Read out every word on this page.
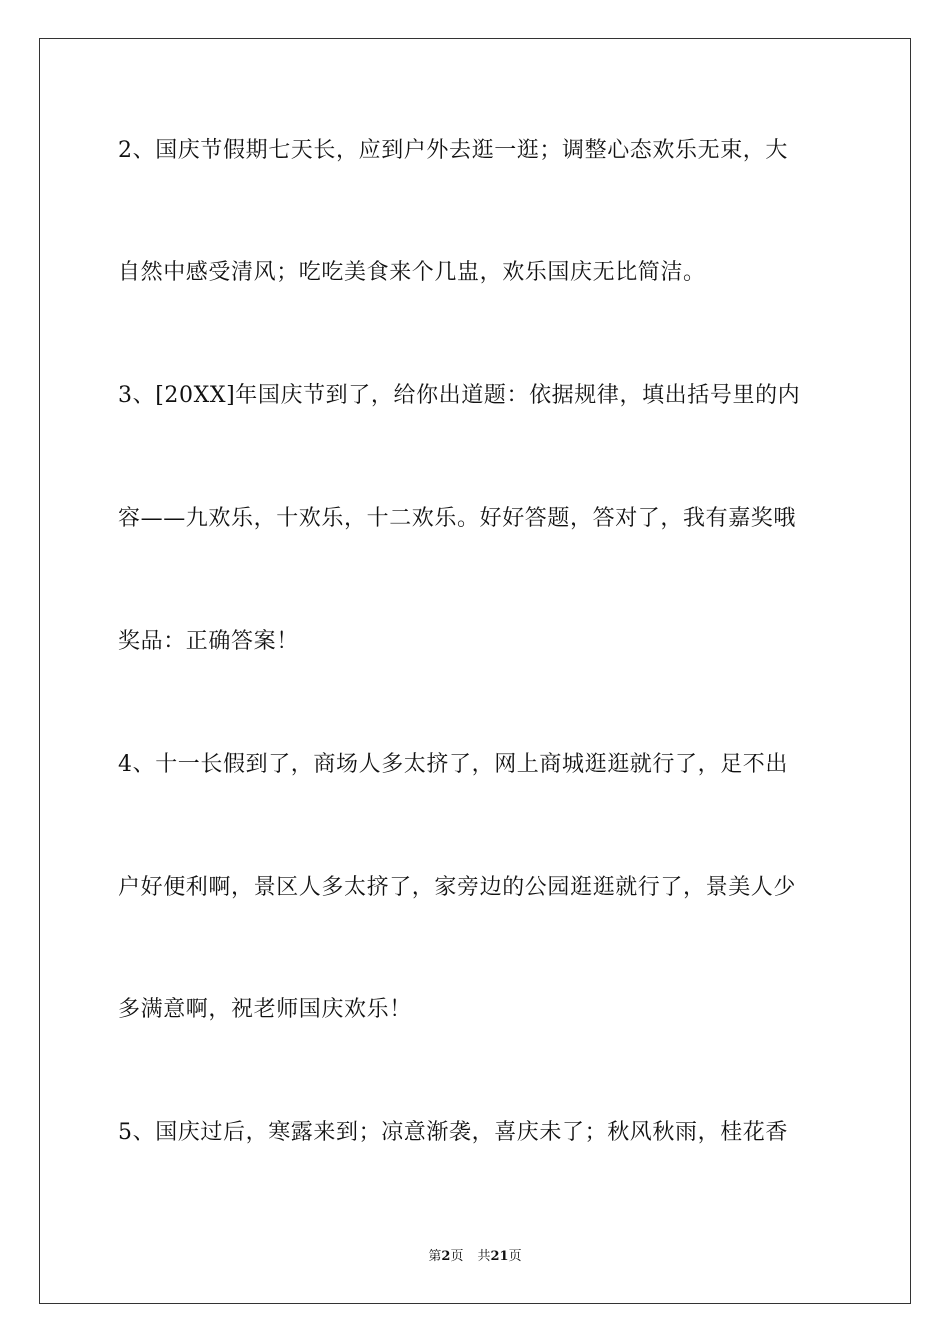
2、国庆节假期七天长，应到户外去逛一逛；调整心态欢乐无束，大
自然中感受清风；吃吃美食来个几盅，欢乐国庆无比简洁。
3、[20XX]年国庆节到了，给你出道题：依据规律，填出括号里的内
容——九欢乐，十欢乐，十二欢乐。好好答题，答对了，我有嘉奖哦
奖品：正确答案！
4、十一长假到了，商场人多太挤了，网上商城逛逛就行了，足不出
户好便利啊，景区人多太挤了，家旁边的公园逛逛就行了，景美人少
多满意啊，祝老师国庆欢乐！
5、国庆过后，寒露来到；凉意渐袭，喜庆未了；秋风秋雨，桂花香
第2页 共21页
